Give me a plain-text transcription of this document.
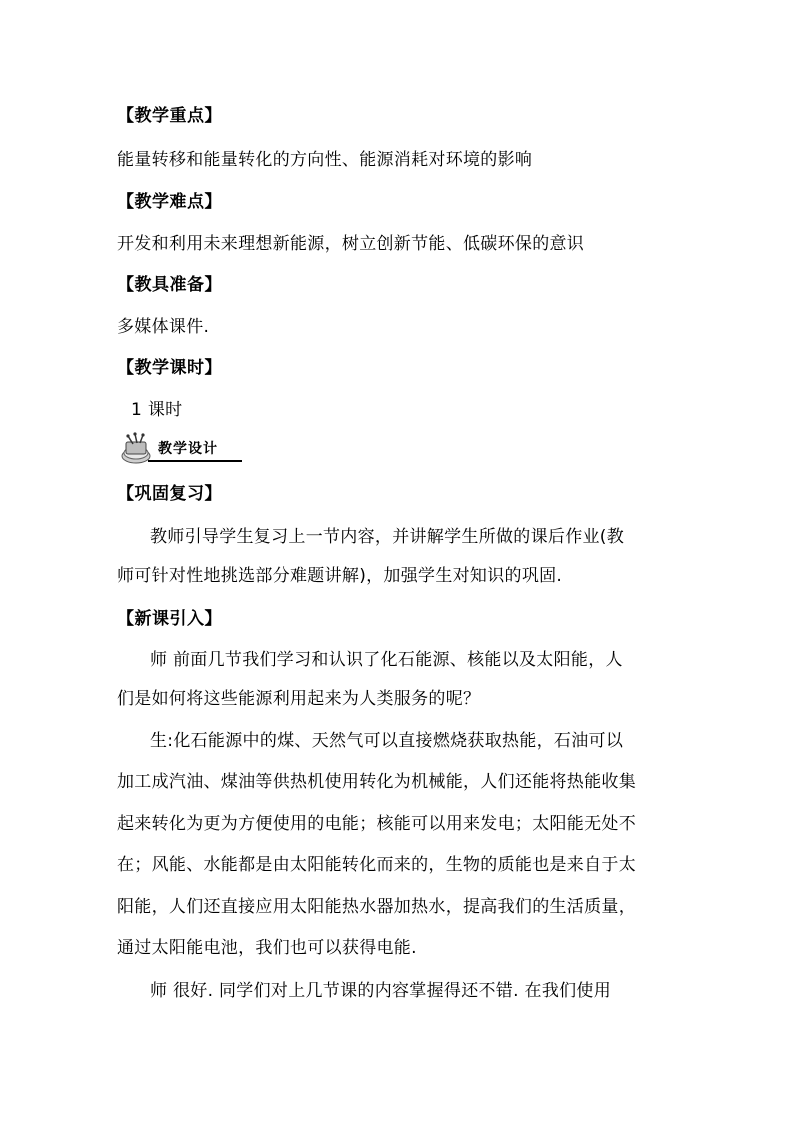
【教学重点】
能量转移和能量转化的方向性、能源消耗对环境的影响
【教学难点】
开发和利用未来理想新能源，树立创新节能、低碳环保的意识
【教具准备】
多媒体课件.
【教学课时】
1 课时
教学设计
【巩固复习】
教师引导学生复习上一节内容，并讲解学生所做的课后作业(教
师可针对性地挑选部分难题讲解)，加强学生对知识的巩固.
【新课引入】
师 前面几节我们学习和认识了化石能源、核能以及太阳能，人
们是如何将这些能源利用起来为人类服务的呢？
生:化石能源中的煤、天然气可以直接燃烧获取热能，石油可以
加工成汽油、煤油等供热机使用转化为机械能，人们还能将热能收集
起来转化为更为方便使用的电能；核能可以用来发电；太阳能无处不
在；风能、水能都是由太阳能转化而来的，生物的质能也是来自于太
阳能，人们还直接应用太阳能热水器加热水，提高我们的生活质量，
通过太阳能电池，我们也可以获得电能.
师 很好. 同学们对上几节课的内容掌握得还不错. 在我们使用
